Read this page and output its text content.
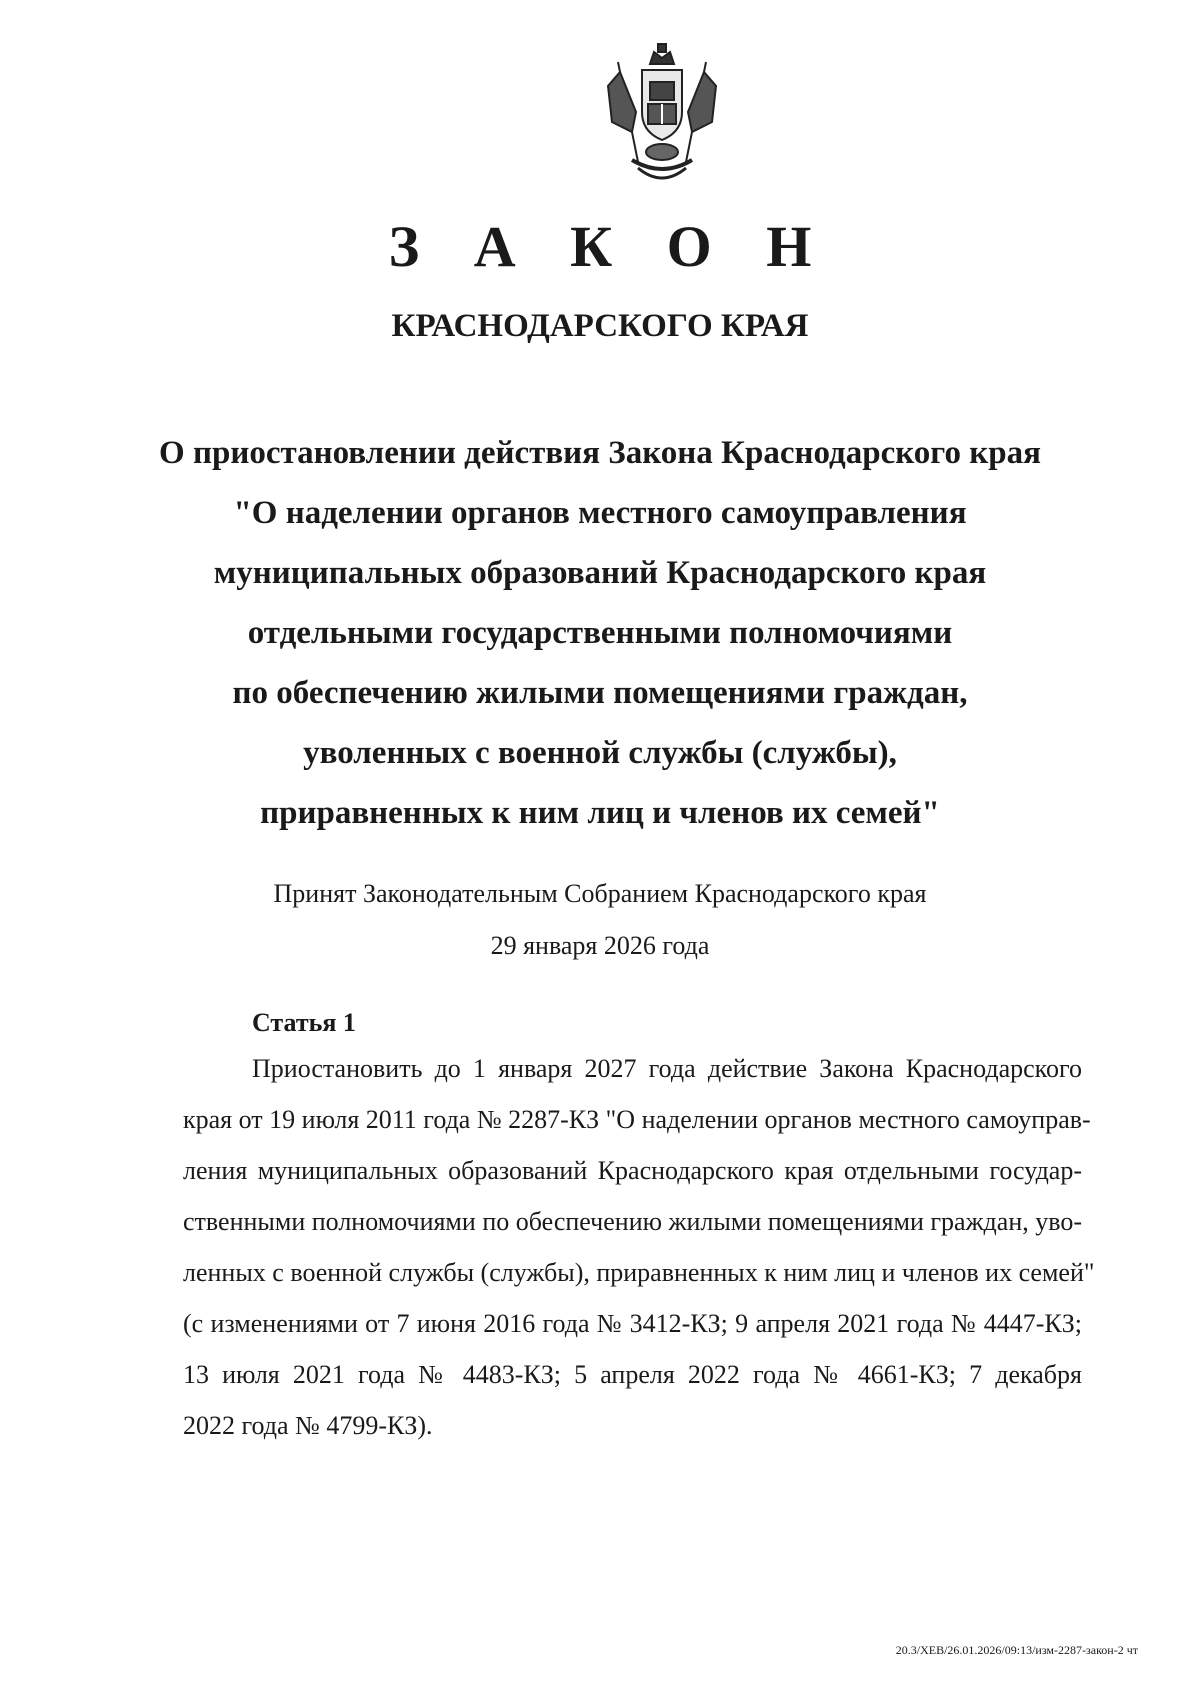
З А К О Н
КРАСНОДАРСКОГО КРАЯ
О приостановлении действия Закона Краснодарского края
"О наделении органов местного самоуправления
муниципальных образований Краснодарского края
отдельными государственными полномочиями
по обеспечению жилыми помещениями граждан,
уволенных с военной службы (службы),
приравненных к ним лиц и членов их семей"
Принят Законодательным Собранием Краснодарского края
29 января 2026 года
Статья 1
Приостановить до 1 января 2027 года действие Закона Краснодарского
края от 19 июля 2011 года № 2287-КЗ "О наделении органов местного самоуправ-
ления муниципальных образований Краснодарского края отдельными государ-
ственными полномочиями по обеспечению жилыми помещениями граждан, уво-
ленных с военной службы (службы), приравненных к ним лиц и членов их семей"
(с изменениями от 7 июня 2016 года № 3412-КЗ; 9 апреля 2021 года № 4447-КЗ;
13 июля 2021 года № 4483-КЗ; 5 апреля 2022 года № 4661-КЗ; 7 декабря
2022 года № 4799-КЗ).
20.3/ХЕВ/26.01.2026/09:13/изм-2287-закон-2 чт
